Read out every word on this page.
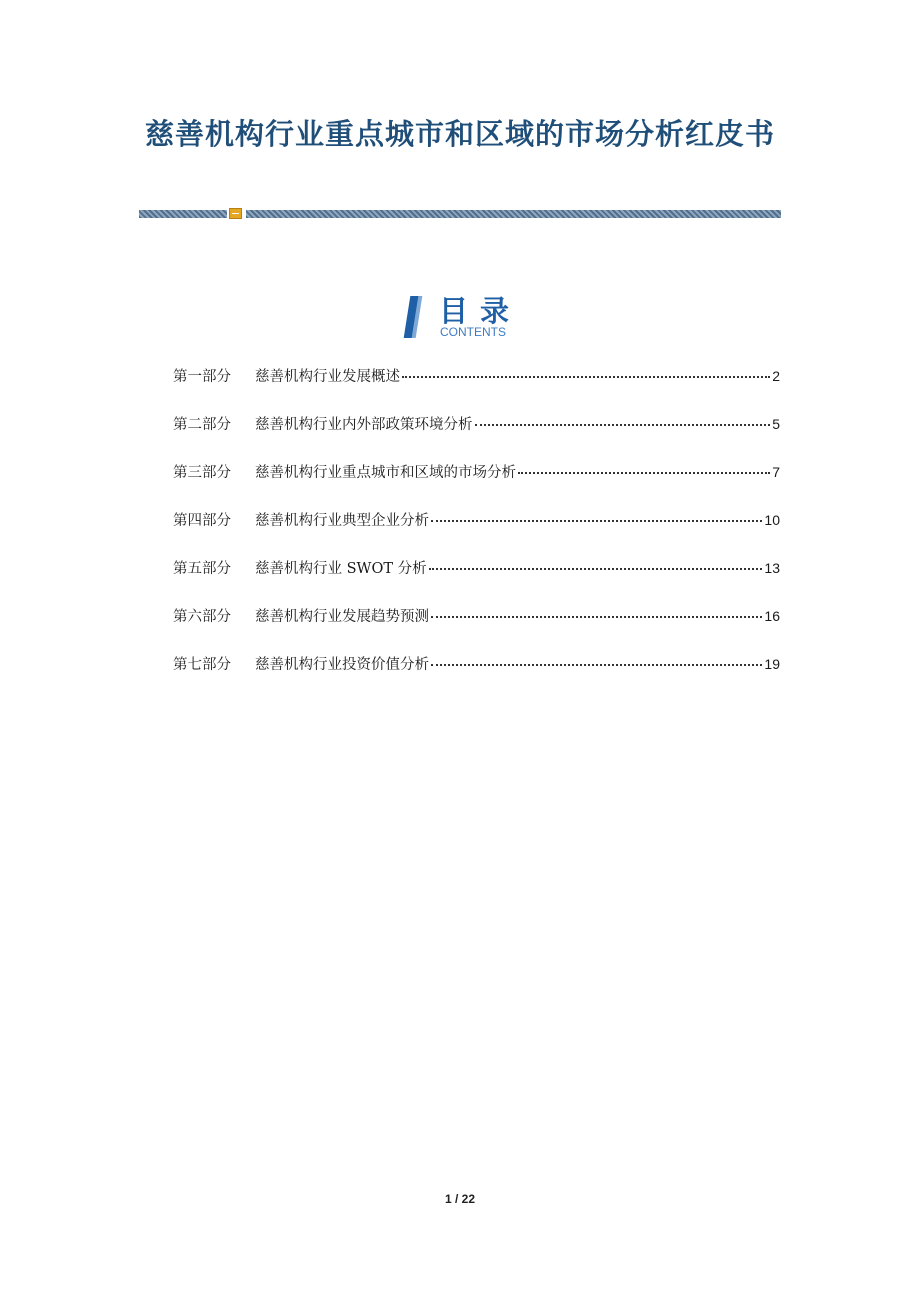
慈善机构行业重点城市和区域的市场分析红皮书
目录
CONTENTS
第一部分	慈善机构行业发展概述	2
第二部分	慈善机构行业内外部政策环境分析	5
第三部分	慈善机构行业重点城市和区域的市场分析	7
第四部分	慈善机构行业典型企业分析	10
第五部分	慈善机构行业 SWOT 分析	13
第六部分	慈善机构行业发展趋势预测	16
第七部分	慈善机构行业投资价值分析	19
1 / 22
